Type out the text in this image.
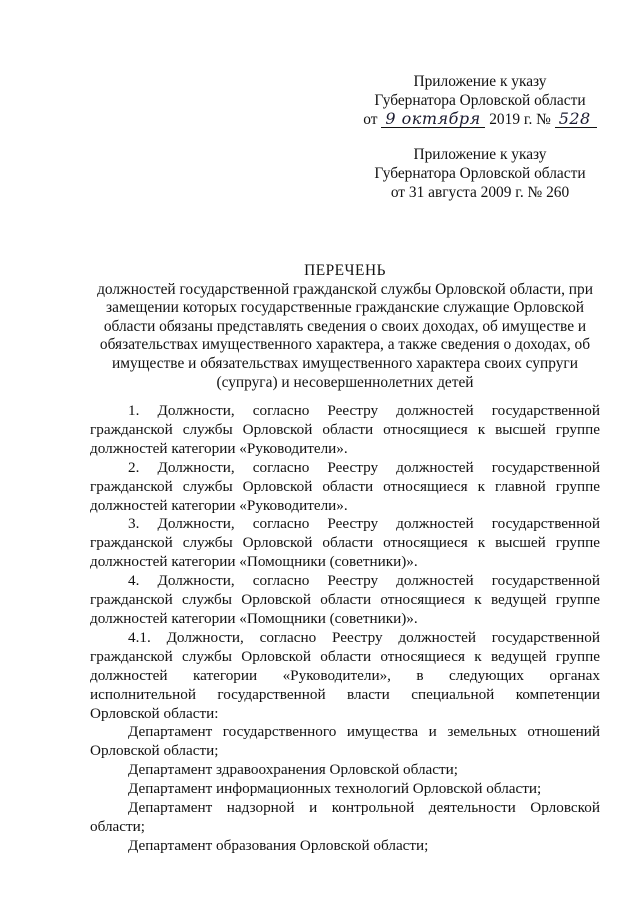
Приложение к указу
Губернатора Орловской области
от 9 октября 2019 г. № 528
Приложение к указу
Губернатора Орловской области
от 31 августа 2009 г. № 260
ПЕРЕЧЕНЬ
должностей государственной гражданской службы Орловской области, при замещении которых государственные гражданские служащие Орловской области обязаны представлять сведения о своих доходах, об имуществе и обязательствах имущественного характера, а также сведения о доходах, об имуществе и обязательствах имущественного характера своих супруги (супруга) и несовершеннолетних детей

1. Должности, согласно Реестру должностей государственной гражданской службы Орловской области относящиеся к высшей группе должностей категории «Руководители».

2. Должности, согласно Реестру должностей государственной гражданской службы Орловской области относящиеся к главной группе должностей категории «Руководители».

3. Должности, согласно Реестру должностей государственной гражданской службы Орловской области относящиеся к высшей группе должностей категории «Помощники (советники)».

4. Должности, согласно Реестру должностей государственной гражданской службы Орловской области относящиеся к ведущей группе должностей категории «Помощники (советники)».

4.1. Должности, согласно Реестру должностей государственной гражданской службы Орловской области относящиеся к ведущей группе должностей категории «Руководители», в следующих органах исполнительной государственной власти специальной компетенции Орловской области:

Департамент государственного имущества и земельных отношений Орловской области;

Департамент здравоохранения Орловской области;

Департамент информационных технологий Орловской области;

Департамент надзорной и контрольной деятельности Орловской области;

Департамент образования Орловской области;
